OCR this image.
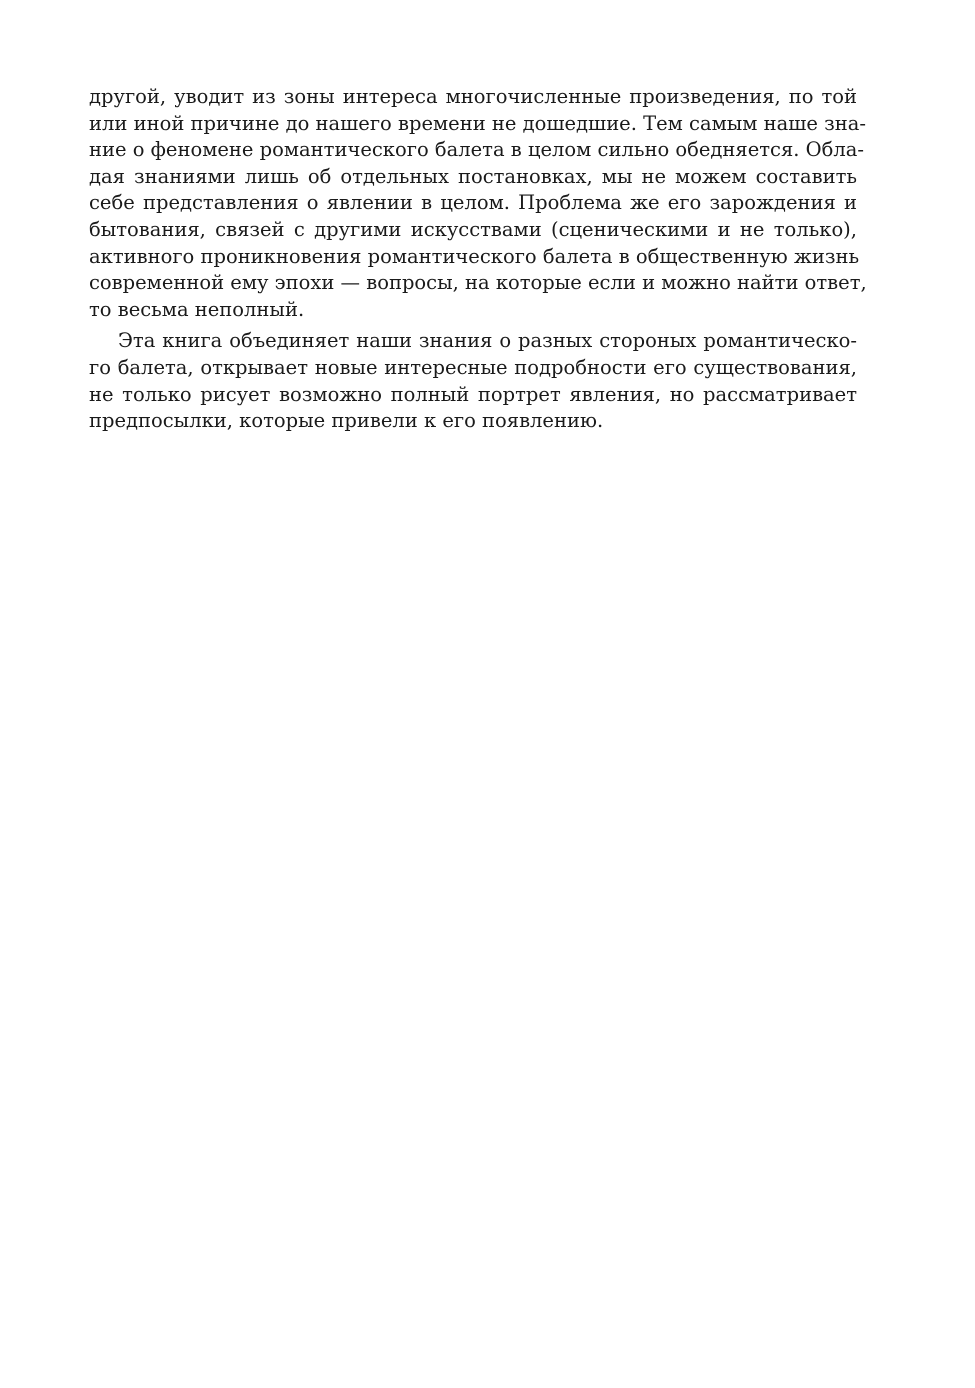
другой, уводит из зоны интереса многочисленные произведения, по той
или иной причине до нашего времени не дошедшие. Тем самым наше зна-
ние о феномене романтического балета в целом сильно обедняется. Обла-
дая знаниями лишь об отдельных постановках, мы не можем составить
себе представления о явлении в целом. Проблема же его зарождения и
бытования, связей с другими искусствами (сценическими и не только),
активного проникновения романтического балета в общественную жизнь
современной ему эпохи — вопросы, на которые если и можно найти ответ,
то весьма неполный.
Эта книга объединяет наши знания о разных стороных романтическо-
го балета, открывает новые интересные подробности его существования,
не только рисует возможно полный портрет явления, но рассматривает
предпосылки, которые привели к его появлению.
